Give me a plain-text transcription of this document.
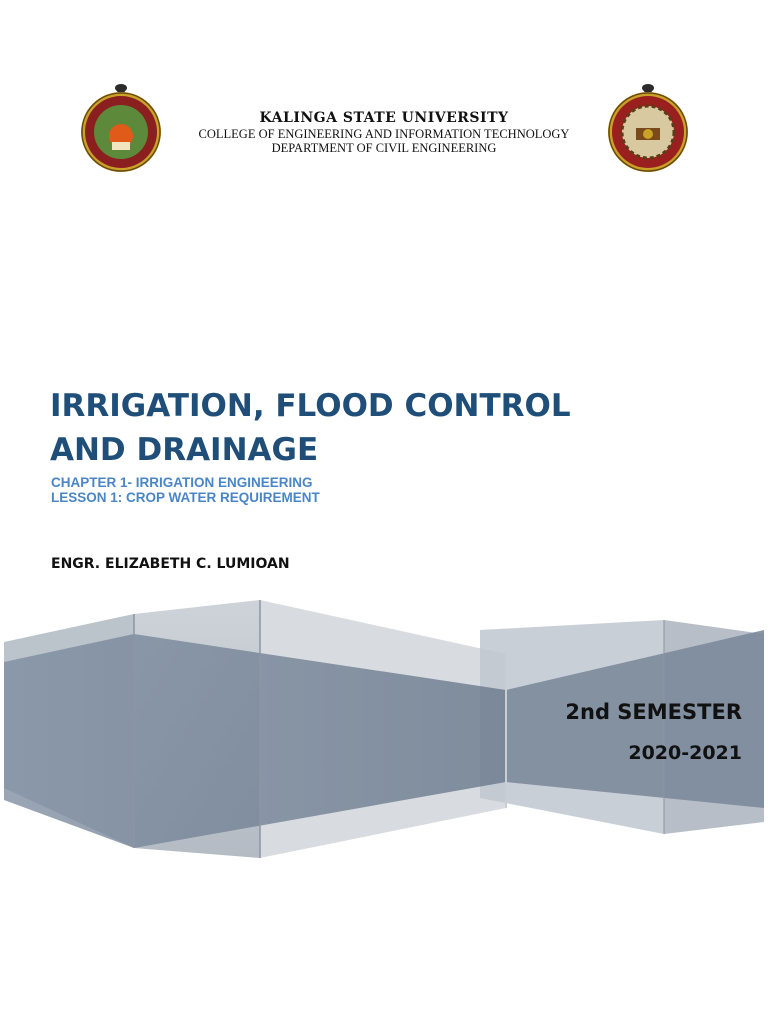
KALINGA STATE UNIVERSITY
COLLEGE OF ENGINEERING AND INFORMATION TECHNOLOGY
DEPARTMENT OF CIVIL ENGINEERING
IRRIGATION, FLOOD CONTROL
AND DRAINAGE
CHAPTER 1- IRRIGATION ENGINEERING
LESSON 1: CROP WATER REQUIREMENT
ENGR. ELIZABETH C. LUMIOAN
2nd SEMESTER
2020-2021
